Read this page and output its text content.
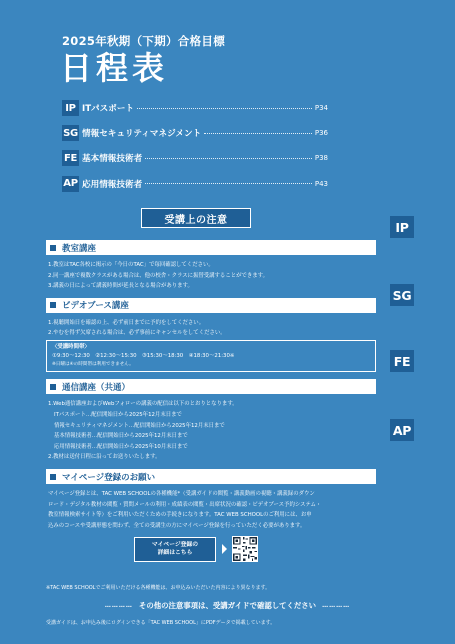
2025年秋期（下期）合格目標
日程表
IP ITパスポート	P34
SG 情報セキュリティマネジメント	P36
FE 基本情報技術者	P38
AP 応用情報技術者	P43
受講上の注意	IP
SG
FE
AP
教室講座
1.教室はTAC各校に掲示の「今日のTAC」で毎回確認してください。
2.同一講座で複数クラスがある場合は、他の校舎・クラスに振替受講することができます。
3.講義の日によって講義時間が延長となる場合があります。
ビデオブース講座
1.視聴開始日を確認の上、必ず前日までに予約をしてください。
2.やむを得ず欠席される場合は、必ず事前にキャンセルをしてください。
〈受講時間帯〉
①9:30～12:30　②12:30～15:30　③15:30～18:30　④18:30～21:30※
※日曜は④の時間帯は利用できません。
通信講座（共通）
1.Web通信講座およびWebフォローの講義の配信は以下のとおりとなります。
ITパスポート…配信開始日から2025年12月末日まで
情報セキュリティマネジメント…配信開始日から2025年12月末日まで
基本情報技術者…配信開始日から2025年12月末日まで
応用情報技術者…配信開始日から2025年10月末日まで
2.教材は送付日程に沿ってお送りいたします。
マイページ登録のお願い
マイページ登録とは、TAC WEB SCHOOLの各種機能*（受講ガイドの閲覧・講義動画の視聴・講義録のダウン
ロード・デジタル教材の閲覧・質問メールの利用・成績表の閲覧・出席状況の確認・ビデオブース予約システム・
教室情報検索サイト等）をご利用いただくための手続きになります。TAC WEB SCHOOLのご利用には、お申
込みのコースや受講形態を問わず、全ての受講生の方にマイページ登録を行っていただく必要があります。
マイページ登録の
詳細はこちら
※TAC WEB SCHOOLでご利用いただける各種機能は、お申込みいただいた内容により異なります。
………… その他の注意事項は、受講ガイドで確認してください …………
受講ガイドは、お申込み後にログインできる「TAC WEB SCHOOL」にPDFデータで掲載しています。
